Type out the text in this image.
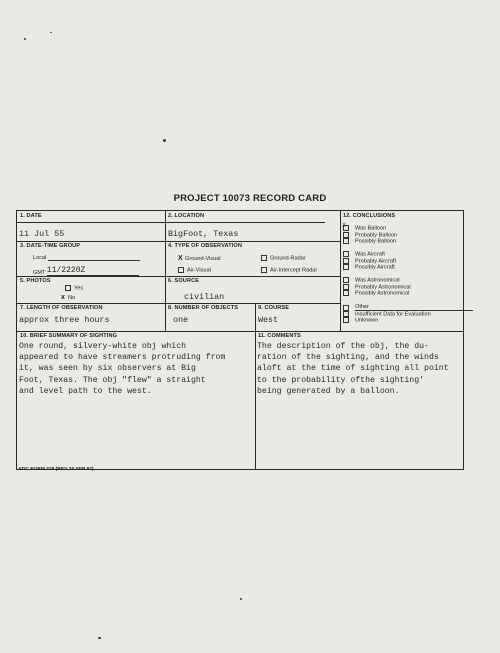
PROJECT 10073 RECORD CARD
1. DATE
11 Jul 55
2. LOCATION
BigFoot, Texas
3. DATE-TIME GROUP
Local
GMT 11/2220Z
4. TYPE OF OBSERVATION
X Ground-Visual	Ground-Radar
Air-Visual	Air-Intercept Radar
5. PHOTOS
Yes
x No
6. SOURCE
civilian
7. LENGTH OF OBSERVATION
approx three hours
8. NUMBER OF OBJECTS
one
9. COURSE
West
10. BRIEF SUMMARY OF SIGHTING
One round, silvery-white obj which
appeared to have streamers protruding from
it, was seen by six observers at Big
Foot, Texas. The obj "flew" a straight
and level path to the west.
11. COMMENTS
The description of the obj, the du-
ration of the sighting, and the winds
aloft at the time of sighting all point
to the probability ofthe sighting'
being generated by a balloon.
12. CONCLUSIONS
X Was Balloon
Probably Balloon
Possibly Balloon
Was Aircraft
Probably Aircraft
Possibly Aircraft
Was Astronomical
Probably Astronomical
Possibly Astronomical
Other
Insufficient Data for Evaluation
Unknown
ATIC FORM 329 (REV 26 SEP 52)
